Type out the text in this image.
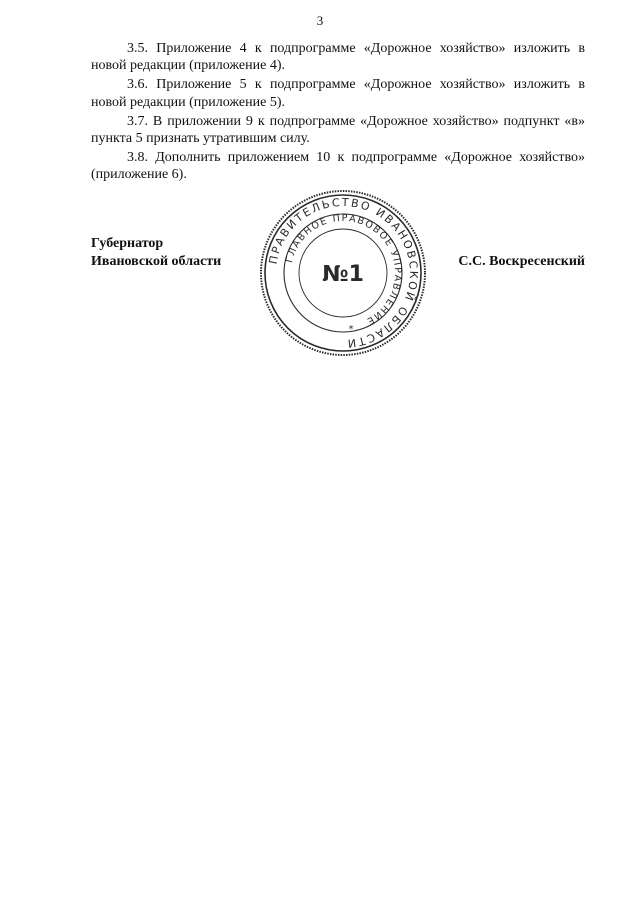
3

3.5. Приложение 4 к подпрограмме «Дорожное хозяйство» изложить в новой редакции (приложение 4).

3.6. Приложение 5 к подпрограмме «Дорожное хозяйство» изложить в новой редакции (приложение 5).

3.7. В приложении 9 к подпрограмме «Дорожное хозяйство» подпункт «в» пункта 5 признать утратившим силу.

3.8. Дополнить приложением 10 к подпрограмме «Дорожное хозяйство» (приложение 6).

Губернатор
Ивановской области	С.С. Воскресенский
ПРАВИТЕЛЬСТВО ИВАНОВСКОЙ ОБЛАСТИ
ГЛАВНОЕ ПРАВОВОЕ УПРАВЛЕНИЕ
№1
*
